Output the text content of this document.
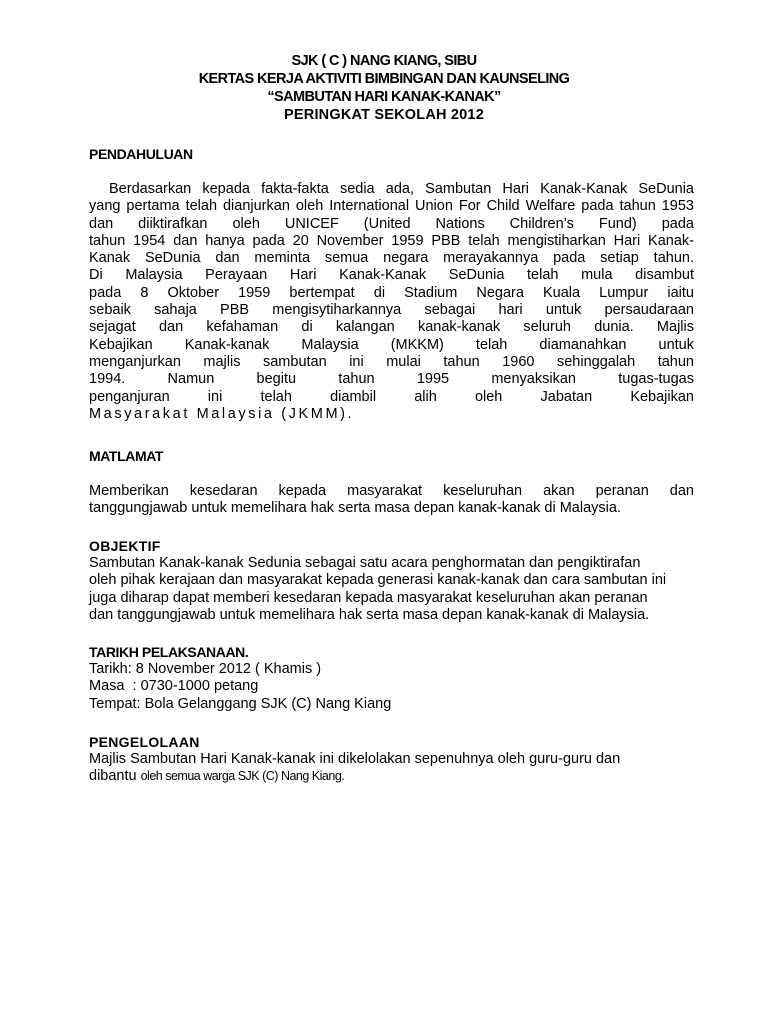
SJK ( C ) NANG KIANG, SIBU
KERTAS KERJA AKTIVITI BIMBINGAN DAN KAUNSELING
“SAMBUTAN HARI KANAK-KANAK”
PERINGKAT SEKOLAH 2012
PENDAHULUAN
Berdasarkan kepada fakta-fakta sedia ada, Sambutan Hari Kanak-Kanak SeDunia
yang pertama telah dianjurkan oleh International Union For Child Welfare pada tahun 1953
dan diiktirafkan oleh UNICEF (United Nations Children’s Fund) pada
tahun 1954 dan hanya pada 20 November 1959 PBB telah mengistiharkan Hari Kanak-
Kanak SeDunia dan meminta semua negara merayakannya pada setiap tahun.
Di Malaysia Perayaan Hari Kanak-Kanak SeDunia telah mula disambut
pada 8 Oktober 1959 bertempat di Stadium Negara Kuala Lumpur iaitu
sebaik sahaja PBB mengisytiharkannya sebagai hari untuk persaudaraan
sejagat dan kefahaman di kalangan kanak-kanak seluruh dunia. Majlis
Kebajikan Kanak-kanak Malaysia (MKKM) telah diamanahkan untuk
menganjurkan majlis sambutan ini mulai tahun 1960 sehinggalah tahun
1994. Namun begitu tahun 1995 menyaksikan tugas-tugas
penganjuran ini telah diambil alih oleh Jabatan Kebajikan
Masyarakat Malaysia (JKMM).
MATLAMAT
Memberikan kesedaran kepada masyarakat keseluruhan akan peranan dan
tanggungjawab untuk memelihara hak serta masa depan kanak-kanak di Malaysia.
OBJEKTIF
Sambutan Kanak-kanak Sedunia sebagai satu acara penghormatan dan pengiktirafan
oleh pihak kerajaan dan masyarakat kepada generasi kanak-kanak dan cara sambutan ini
juga diharap dapat memberi kesedaran kepada masyarakat keseluruhan akan peranan
dan tanggungjawab untuk memelihara hak serta masa depan kanak-kanak di Malaysia.
TARIKH PELAKSANAAN.
Tarikh: 8 November 2012 ( Khamis )
Masa  : 0730-1000 petang
Tempat: Bola Gelanggang SJK (C) Nang Kiang
PENGELOLAAN
Majlis Sambutan Hari Kanak-kanak ini dikelolakan sepenuhnya oleh guru-guru dan
dibantu oleh semua warga SJK (C) Nang Kiang.
